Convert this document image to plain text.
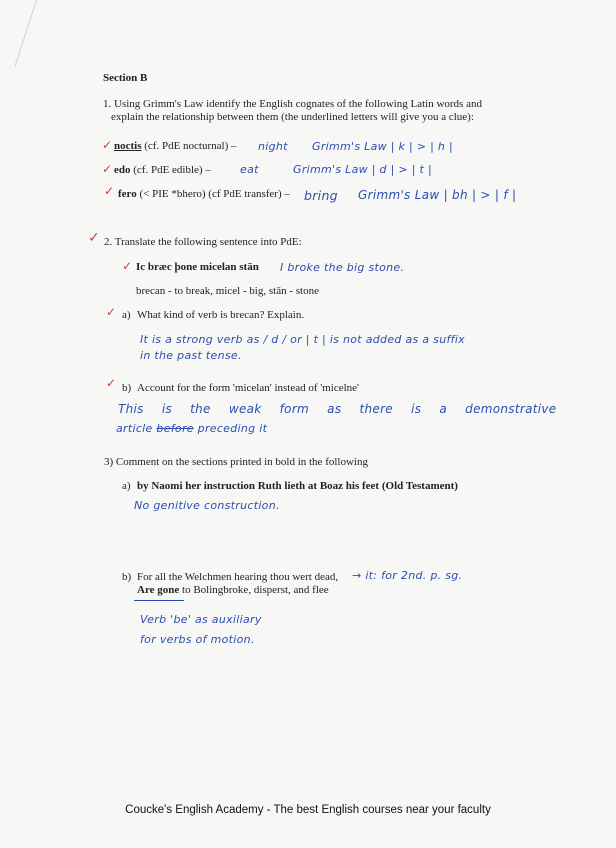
Section B
1. Using Grimm's Law identify the English cognates of the following Latin words and
explain the relationship between them (the underlined letters will give you a clue):
✓ noctis (cf. PdE nocturnal) – night Grimm's Law | k | > | h |
✓ edo (cf. PdE edible) –	eat	Grimm's Law | d | > | t |
✓ fero (< PIE *bhero) (cf PdE transfer) – bring Grimm's Law | bh | > | f |
✓ 2. Translate the following sentence into PdE:
✓ Ic bræc þone micelan stān I broke the big stone.
brecan - to break, micel - big, stān - stone
✓ a) What kind of verb is brecan? Explain.
It is a strong verb as / d / or | t | is not added as a suffix
in the past tense.
✓ b) Account for the form 'micelan' instead of 'micelne'
This is the weak form as there is a demonstrative
article before preceding it
3) Comment on the sections printed in bold in the following
a) by Naomi her instruction Ruth lieth at Boaz his feet (Old Testament)
No genitive construction.
b) For all the Welchmen hearing thou wert dead, → it: for 2nd. p. sg.
Are gone to Bolingbroke, disperst, and flee
Verb 'be' as auxiliary
for verbs of motion.
Coucke's English Academy - The best English courses near your faculty
